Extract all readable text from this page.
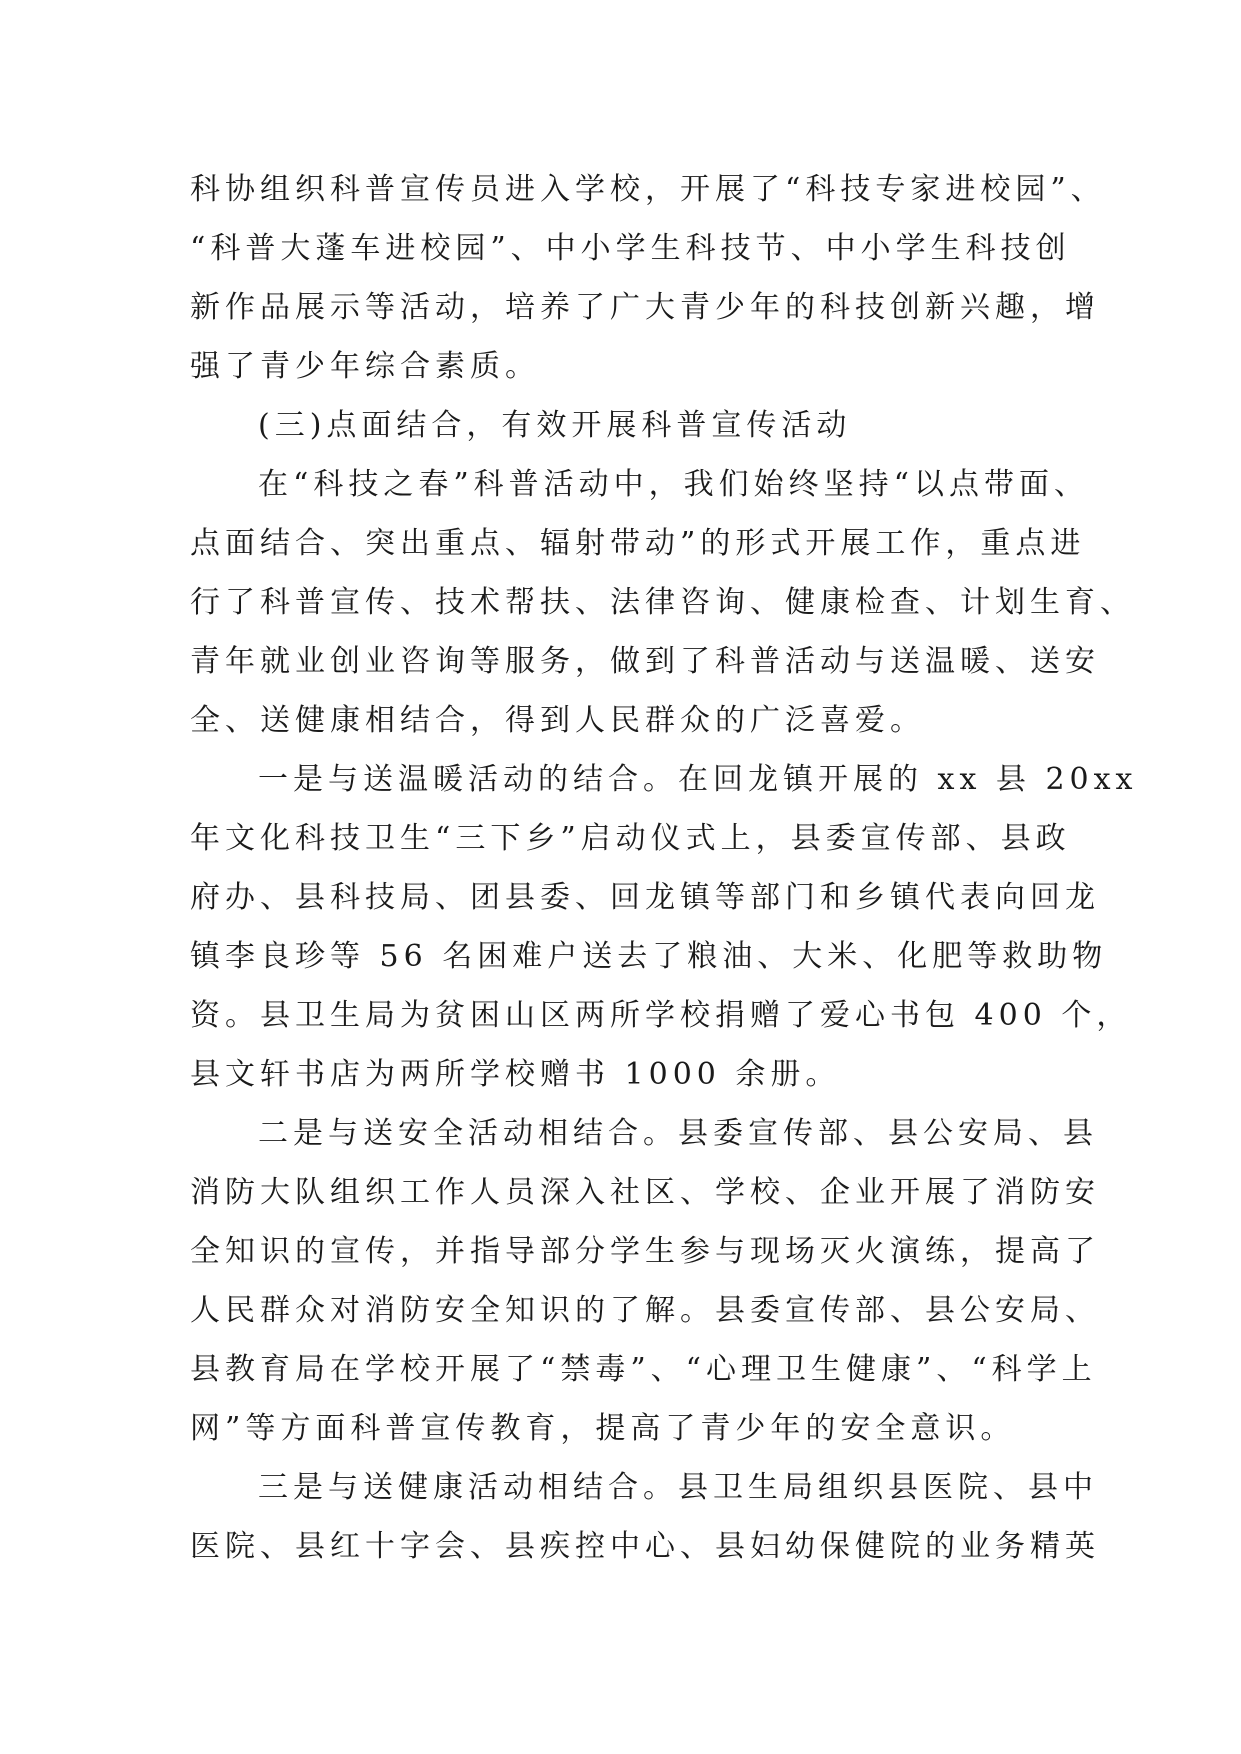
科协组织科普宣传员进入学校，开展了“科技专家进校园”、
“科普大蓬车进校园”、中小学生科技节、中小学生科技创
新作品展示等活动，培养了广大青少年的科技创新兴趣，增
强了青少年综合素质。
(三)点面结合，有效开展科普宣传活动
在“科技之春”科普活动中，我们始终坚持“以点带面、
点面结合、突出重点、辐射带动”的形式开展工作，重点进
行了科普宣传、技术帮扶、法律咨询、健康检查、计划生育、
青年就业创业咨询等服务，做到了科普活动与送温暖、送安
全、送健康相结合，得到人民群众的广泛喜爱。
一是与送温暖活动的结合。在回龙镇开展的 xx 县 20xx
年文化科技卫生“三下乡”启动仪式上，县委宣传部、县政
府办、县科技局、团县委、回龙镇等部门和乡镇代表向回龙
镇李良珍等 56 名困难户送去了粮油、大米、化肥等救助物
资。县卫生局为贫困山区两所学校捐赠了爱心书包 400 个，
县文轩书店为两所学校赠书 1000 余册。
二是与送安全活动相结合。县委宣传部、县公安局、县
消防大队组织工作人员深入社区、学校、企业开展了消防安
全知识的宣传，并指导部分学生参与现场灭火演练，提高了
人民群众对消防安全知识的了解。县委宣传部、县公安局、
县教育局在学校开展了“禁毒”、“心理卫生健康”、“科学上
网”等方面科普宣传教育，提高了青少年的安全意识。
三是与送健康活动相结合。县卫生局组织县医院、县中
医院、县红十字会、县疾控中心、县妇幼保健院的业务精英
